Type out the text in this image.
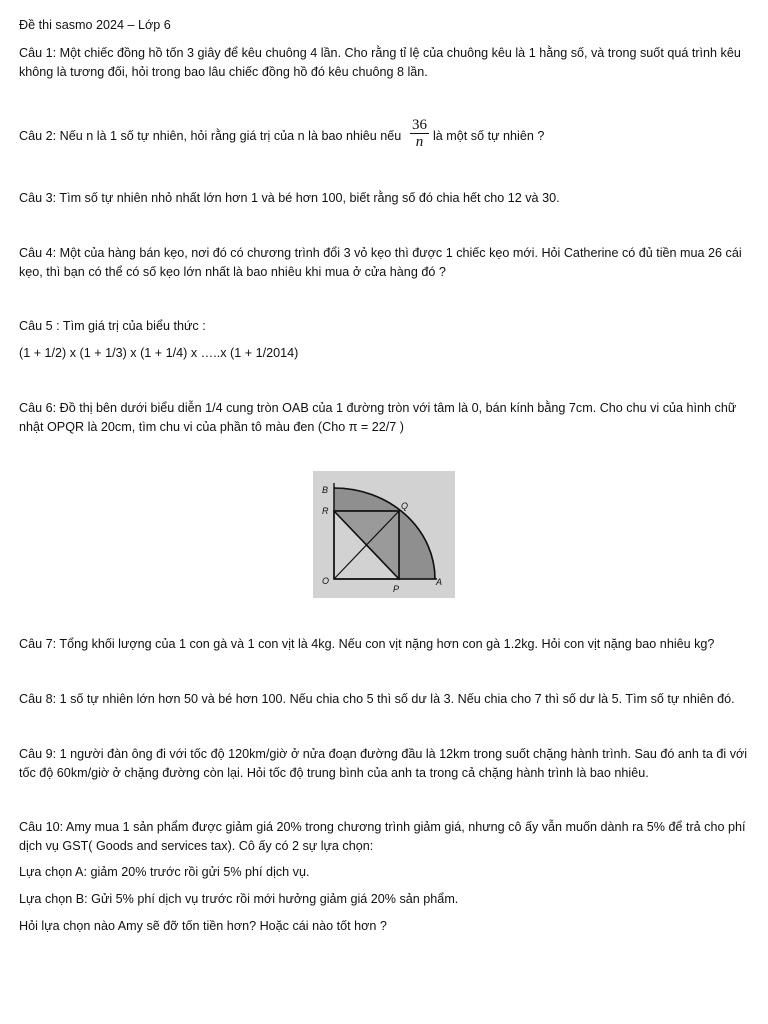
Đề thi sasmo 2024 – Lớp 6
Câu 1: Một chiếc đồng hồ tốn 3 giây để kêu chuông 4 lần. Cho rằng tỉ lệ của chuông kêu là 1 hằng số, và trong suốt quá trình kêu không là tương đối, hỏi trong bao lâu chiếc đồng hồ đó kêu chuông 8 lần.
Câu 2: Nếu n là 1 số tự nhiên, hỏi rằng giá trị của n là bao nhiêu nếu $\frac{36}{n}$ là một số tự nhiên ?
Câu 3: Tìm số tự nhiên nhỏ nhất lớn hơn 1 và bé hơn 100, biết rằng số đó chia hết cho 12 và 30.
Câu 4: Một của hàng bán kẹo, nơi đó có chương trình đổi 3 vỏ kẹo thì được 1 chiếc kẹo mới. Hỏi Catherine có đủ tiền mua 26 cái kẹo, thì bạn có thể có số kẹo lớn nhất là bao nhiêu khi mua ở cửa hàng đó ?
Câu 5 : Tìm giá trị của biểu thức :
(1 + 1/2) x (1 + 1/3) x (1 + 1/4) x …..x (1 + 1/2014)
Câu 6: Đồ thị bên dưới biểu diễn 1/4 cung tròn OAB của 1 đường tròn với tâm là 0, bán kính bằng 7cm. Cho chu vi của hình chữ nhật OPQR là 20cm, tìm chu vi của phần tô màu đen (Cho π = 22/7 )
B
R	Q
O
P
A
Câu 7: Tổng khối lượng của 1 con gà và 1 con vịt là 4kg. Nếu con vịt nặng hơn con gà 1.2kg. Hỏi con vịt nặng bao nhiêu kg?
Câu 8: 1 số tự nhiên lớn hơn 50 và bé hơn 100. Nếu chia cho 5 thì số dư là 3. Nếu chia cho 7 thì số dư là 5. Tìm số tự nhiên đó.
Câu 9: 1 người đàn ông đi với tốc độ 120km/giờ ở nửa đoạn đường đầu là 12km trong suốt chặng hành trình. Sau đó anh ta đi với tốc độ 60km/giờ ở chặng đường còn lại. Hỏi tốc độ trung bình của anh ta trong cả chặng hành trình là bao nhiêu.
Câu 10: Amy mua 1 sản phẩm được giảm giá 20% trong chương trình giảm giá, nhưng cô ấy vẫn muốn dành ra 5% để trả cho phí dịch vụ GST( Goods and services tax). Cô ấy có 2 sự lựa chọn:
Lựa chọn A: giảm 20% trước rồi gửi 5% phí dịch vụ.
Lựa chọn B: Gửi 5% phí dịch vụ trước rồi mới hưởng giảm giá 20% sản phẩm.
Hỏi lựa chọn nào Amy sẽ đỡ tốn tiền hơn? Hoặc cái nào tốt hơn ?
